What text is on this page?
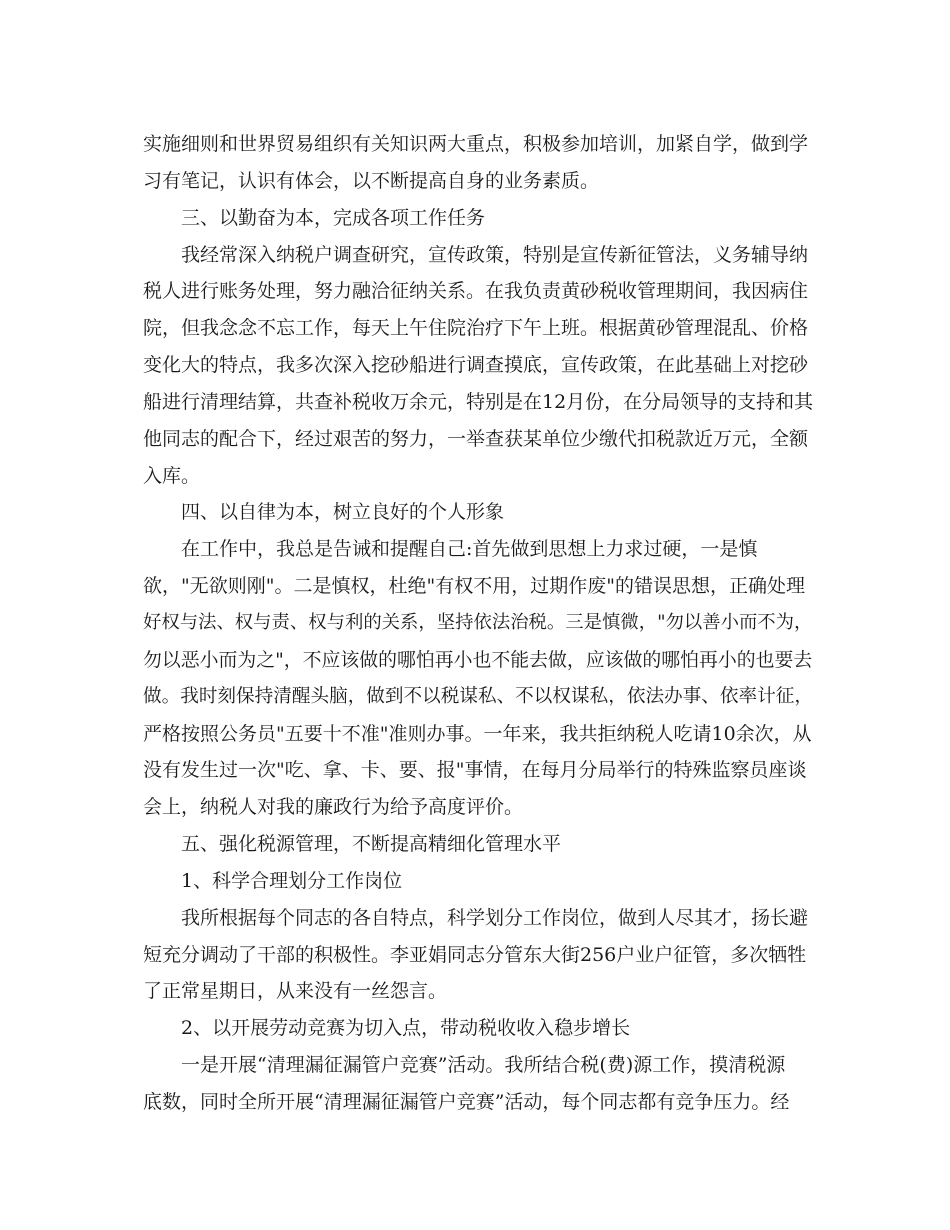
实施细则和世界贸易组织有关知识两大重点，积极参加培训，加紧自学，做到学

习有笔记，认识有体会，以不断提高自身的业务素质。

三、以勤奋为本，完成各项工作任务

我经常深入纳税户调查研究，宣传政策，特别是宣传新征管法，义务辅导纳

税人进行账务处理，努力融洽征纳关系。在我负责黄砂税收管理期间，我因病住

院，但我念念不忘工作，每天上午住院治疗下午上班。根据黄砂管理混乱、价格

变化大的特点，我多次深入挖砂船进行调查摸底，宣传政策，在此基础上对挖砂

船进行清理结算，共查补税收万余元，特别是在12月份，在分局领导的支持和其

他同志的配合下，经过艰苦的努力，一举查获某单位少缴代扣税款近万元，全额

入库。

四、以自律为本，树立良好的个人形象

在工作中，我总是告诫和提醒自己:首先做到思想上力求过硬，一是慎

欲，"无欲则刚"。二是慎权，杜绝"有权不用，过期作废"的错误思想，正确处理

好权与法、权与责、权与利的关系，坚持依法治税。三是慎微，"勿以善小而不为，

勿以恶小而为之"，不应该做的哪怕再小也不能去做，应该做的哪怕再小的也要去

做。我时刻保持清醒头脑，做到不以税谋私、不以权谋私，依法办事、依率计征，

严格按照公务员"五要十不准"准则办事。一年来，我共拒纳税人吃请10余次，从

没有发生过一次"吃、拿、卡、要、报"事情，在每月分局举行的特殊监察员座谈

会上，纳税人对我的廉政行为给予高度评价。

五、强化税源管理，不断提高精细化管理水平

1、科学合理划分工作岗位

我所根据每个同志的各自特点，科学划分工作岗位，做到人尽其才，扬长避

短充分调动了干部的积极性。李亚娟同志分管东大街256户业户征管，多次牺牲

了正常星期日，从来没有一丝怨言。

2、以开展劳动竞赛为切入点，带动税收收入稳步增长

一是开展“清理漏征漏管户竞赛”活动。我所结合税(费)源工作，摸清税源

底数，同时全所开展“清理漏征漏管户竞赛”活动，每个同志都有竞争压力。经
